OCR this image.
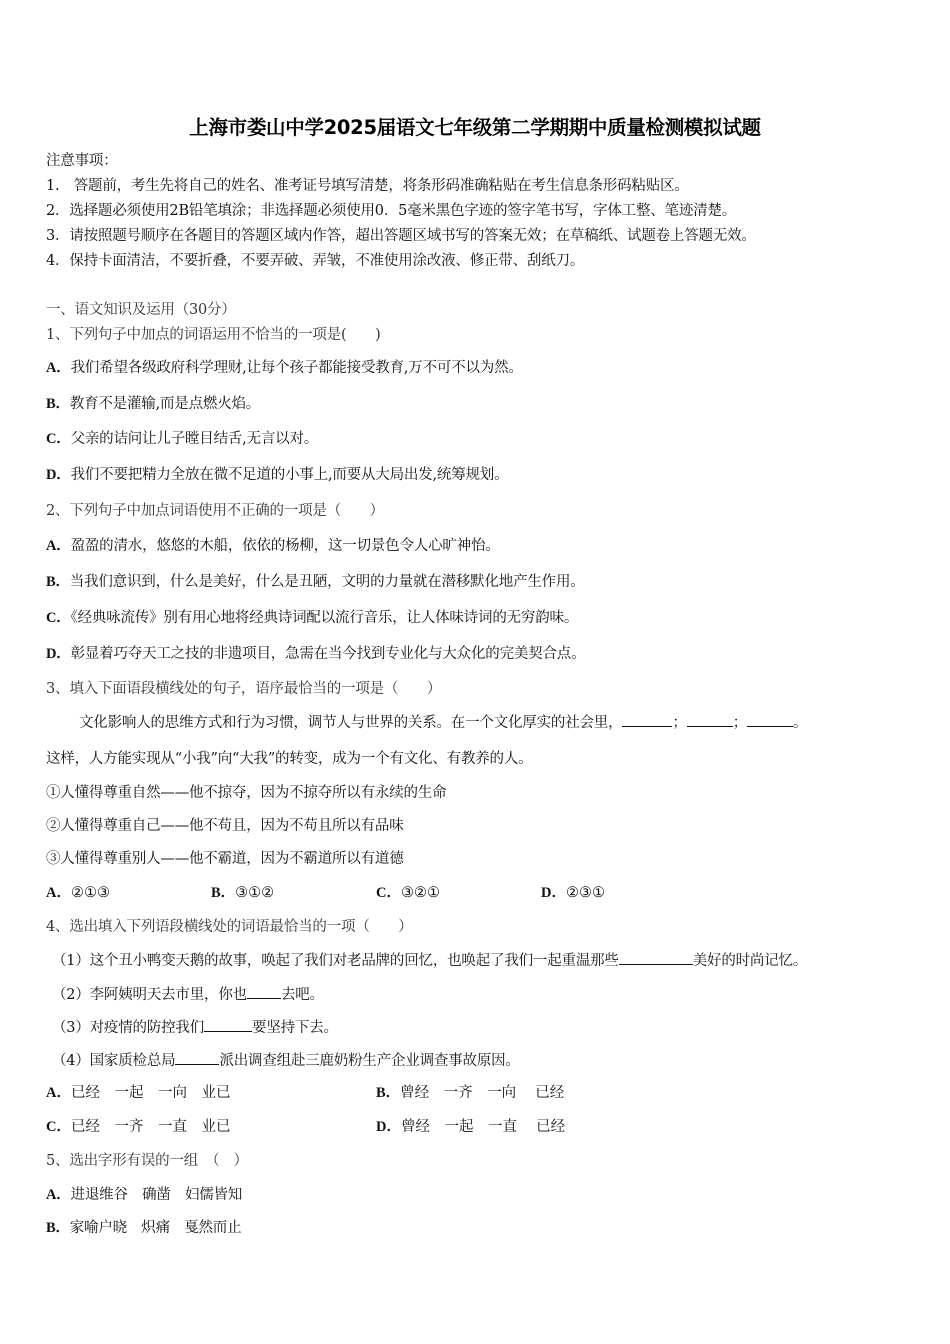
上海市娄山中学2025届语文七年级第二学期期中质量检测模拟试题
注意事项：
1.　答题前，考生先将自己的姓名、准考证号填写清楚，将条形码准确粘贴在考生信息条形码粘贴区。
2．选择题必须使用2B铅笔填涂；非选择题必须使用0．5毫米黑色字迹的签字笔书写，字体工整、笔迹清楚。
3．请按照题号顺序在各题目的答题区域内作答，超出答题区域书写的答案无效；在草稿纸、试题卷上答题无效。
4．保持卡面清洁，不要折叠，不要弄破、弄皱，不准使用涂改液、修正带、刮纸刀。
一、语文知识及运用（30分）
1、下列句子中加点的词语运用不恰当的一项是(　　)
A．我们希望各级政府科学理财,让每个孩子都能接受教育,万不可不以为然。
B．教育不是灌输,而是点燃火焰。
C．父亲的诘问让儿子瞠目结舌,无言以对。
D．我们不要把精力全放在微不足道的小事上,而要从大局出发,统筹规划。
2、下列句子中加点词语使用不正确的一项是（　　）
A．盈盈的清水，悠悠的木船，依依的杨柳，这一切景色令人心旷神怡。
B．当我们意识到，什么是美好，什么是丑陋，文明的力量就在潜移默化地产生作用。
C．《经典咏流传》别有用心地将经典诗词配以流行音乐，让人体味诗词的无穷韵味。
D．彰显着巧夺天工之技的非遗项目，急需在当今找到专业化与大众化的完美契合点。
3、填入下面语段横线处的句子，语序最恰当的一项是（　　）
文化影响人的思维方式和行为习惯，调节人与世界的关系。在一个文化厚实的社会里，	；	；	。
这样，人方能实现从“小我”向“大我”的转变，成为一个有文化、有教养的人。
①人懂得尊重自然——他不掠夺，因为不掠夺所以有永续的生命
②人懂得尊重自己——他不苟且，因为不苟且所以有品味
③人懂得尊重别人——他不霸道，因为不霸道所以有道德
A．②①③	B．③①②	C．③②①	D．②③①
4、选出填入下列语段横线处的词语最恰当的一项（　　）
（1）这个丑小鸭变天鹅的故事，唤起了我们对老品牌的回忆，也唤起了我们一起重温那些	美好的时尚记忆。
（2）李阿姨明天去市里，你也 去吧。
（3）对疫情的防控我们	要坚持下去。
（4）国家质检总局	派出调查组赴三鹿奶粉生产企业调查事故原因。
A．已经　一起　一向　业已	B．曾经　一齐　一向　 已经
C．已经　一齐　一直　业已	D．曾经　一起　一直　 已经
5、选出字形有误的一组　（　）
A．进退维谷　确凿　妇儒皆知
B．家喻户晓　炽痛　戛然而止
